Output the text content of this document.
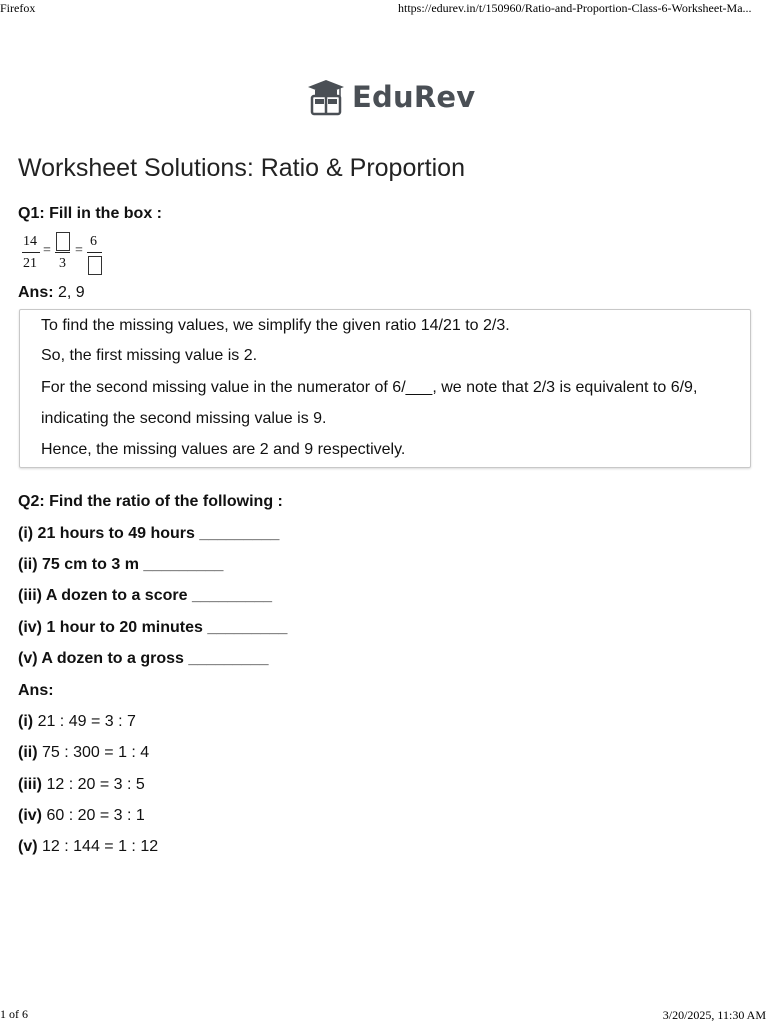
Firefox	https://edurev.in/t/150960/Ratio-and-Proportion-Class-6-Worksheet-Ma...
EduRev
Worksheet Solutions: Ratio & Proportion
Q1: Fill in the box :
14
21
=
3
=
6
Ans: 2, 9

To find the missing values, we simplify the given ratio 14/21 to 2/3.

So, the first missing value is 2.

For the second missing value in the numerator of 6/___, we note that 2/3 is equivalent to 6/9,

indicating the second missing value is 9.

Hence, the missing values are 2 and 9 respectively.

Q2: Find the ratio of the following :
(i) 21 hours to 49 hours _________
(ii) 75 cm to 3 m _________
(iii) A dozen to a score _________
(iv) 1 hour to 20 minutes _________
(v) A dozen to a gross _________
Ans:
(i) 21 : 49 = 3 : 7
(ii) 75 : 300 = 1 : 4
(iii) 12 : 20 = 3 : 5
(iv) 60 : 20 = 3 : 1
(v) 12 : 144 = 1 : 12
1 of 6	3/20/2025, 11:30 AM
